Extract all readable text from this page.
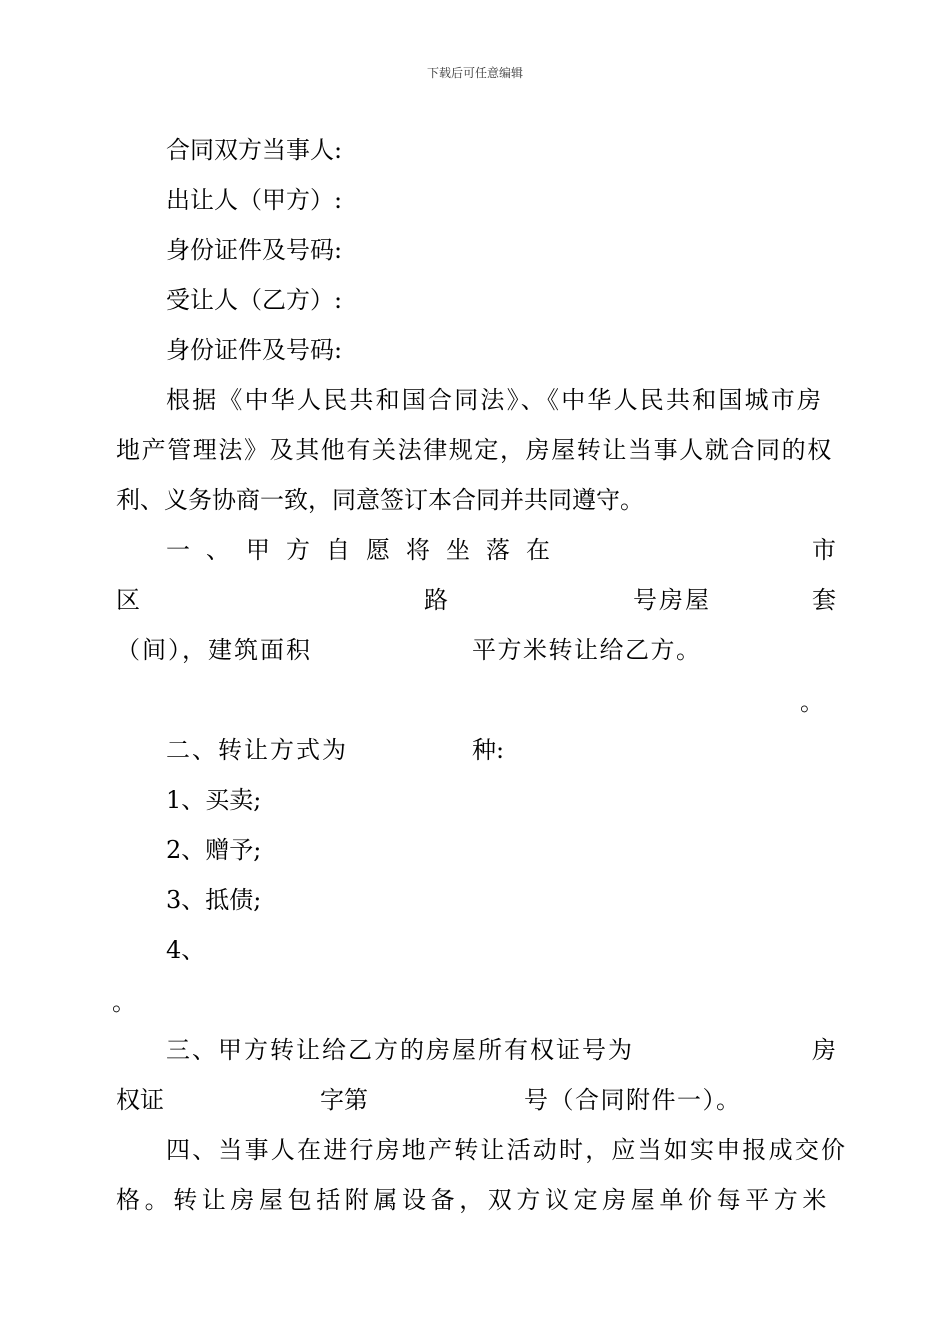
下载后可任意编辑
合同双方当事人:
出让人（甲方）:
身份证件及号码:
受让人（乙方）:
身份证件及号码:
根据《中华人民共和国合同法》、《中华人民共和国城市房
地产管理法》及其他有关法律规定，房屋转让当事人就合同的权
利、义务协商一致，同意签订本合同并共同遵守。
一、甲方自愿将坐落在	市
区	路	号房屋	套
（间），建筑面积	平方米转让给乙方。
。
二、转让方式为	种:
1、买卖;
2、赠予;
3、抵债;
4、
。
三、甲方转让给乙方的房屋所有权证号为	房
权证	字第	号（合同附件一）。
四、当事人在进行房地产转让活动时，应当如实申报成交价
格。转让房屋包括附属设备，双方议定房屋单价每平方米
